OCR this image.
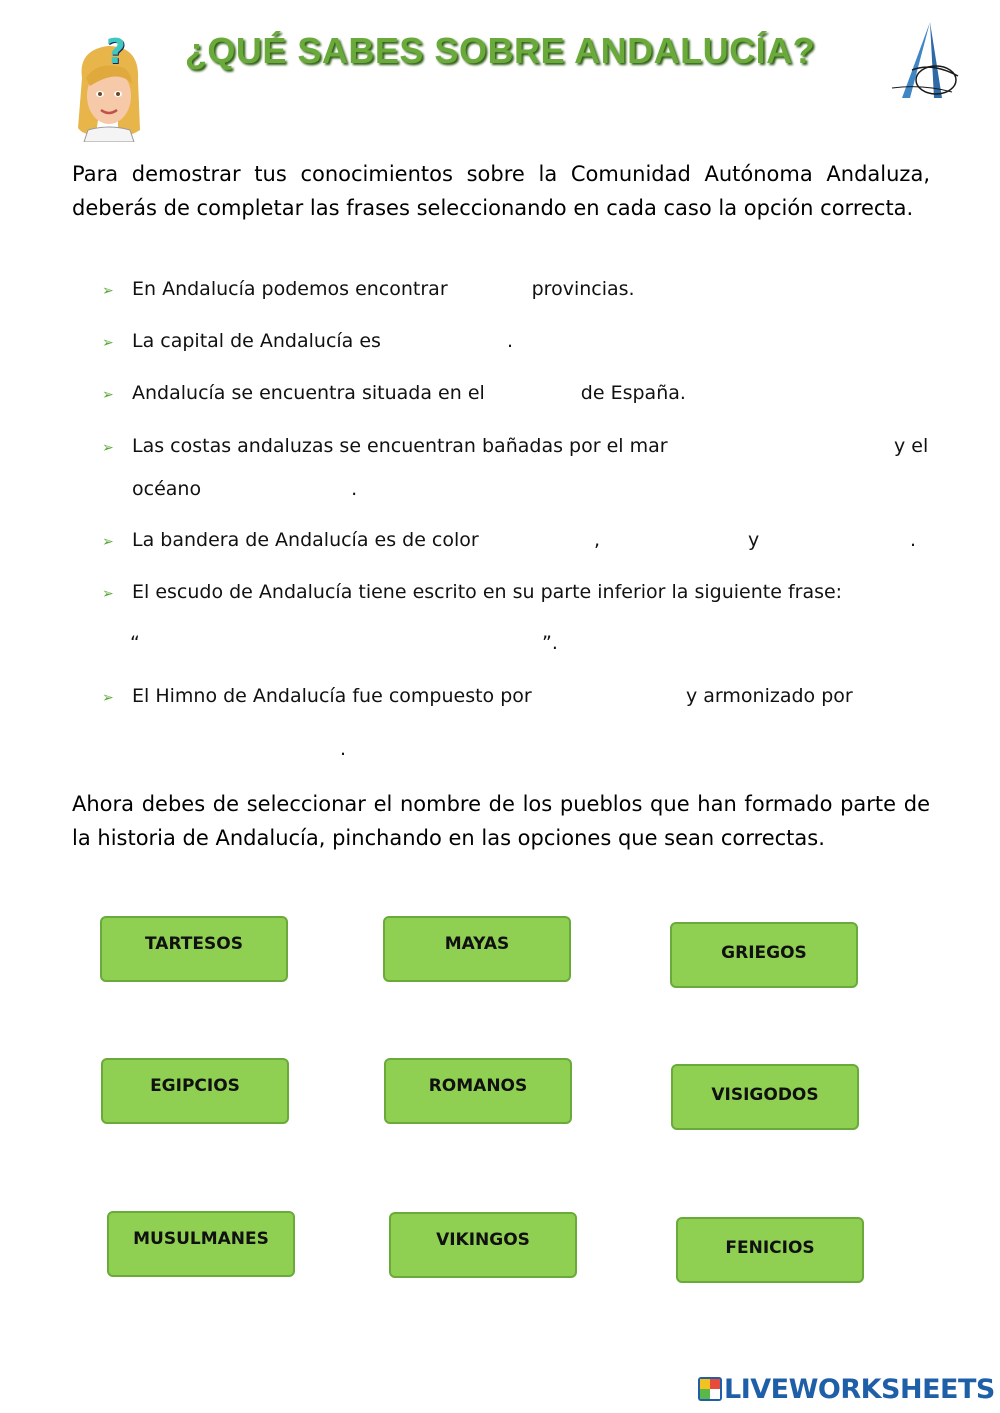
¿QUÉ SABES SOBRE ANDALUCÍA?
?
Para demostrar tus conocimientos sobre la Comunidad Autónoma Andaluza, deberás de completar las frases seleccionando en cada caso la opción correcta.
➢ En Andalucía podemos encontrar	provincias.
➢ La capital de Andalucía es	.
➢ Andalucía se encuentra situada en el	de España.
➢ Las costas andaluzas se encuentran bañadas por el mar	y el
océano	.
➢ La bandera de Andalucía es de color	,	y	.
➢ El escudo de Andalucía tiene escrito en su parte inferior la siguiente frase:
“	”.
➢ El Himno de Andalucía fue compuesto por	y armonizado por
.
Ahora debes de seleccionar el nombre de los pueblos que han formado parte de la historia de Andalucía, pinchando en las opciones que sean correctas.
TARTESOS	MAYAS	GRIEGOS
EGIPCIOS	ROMANOS	VISIGODOS
MUSULMANES	VIKINGOS	FENICIOS
LIVEWORKSHEETS
